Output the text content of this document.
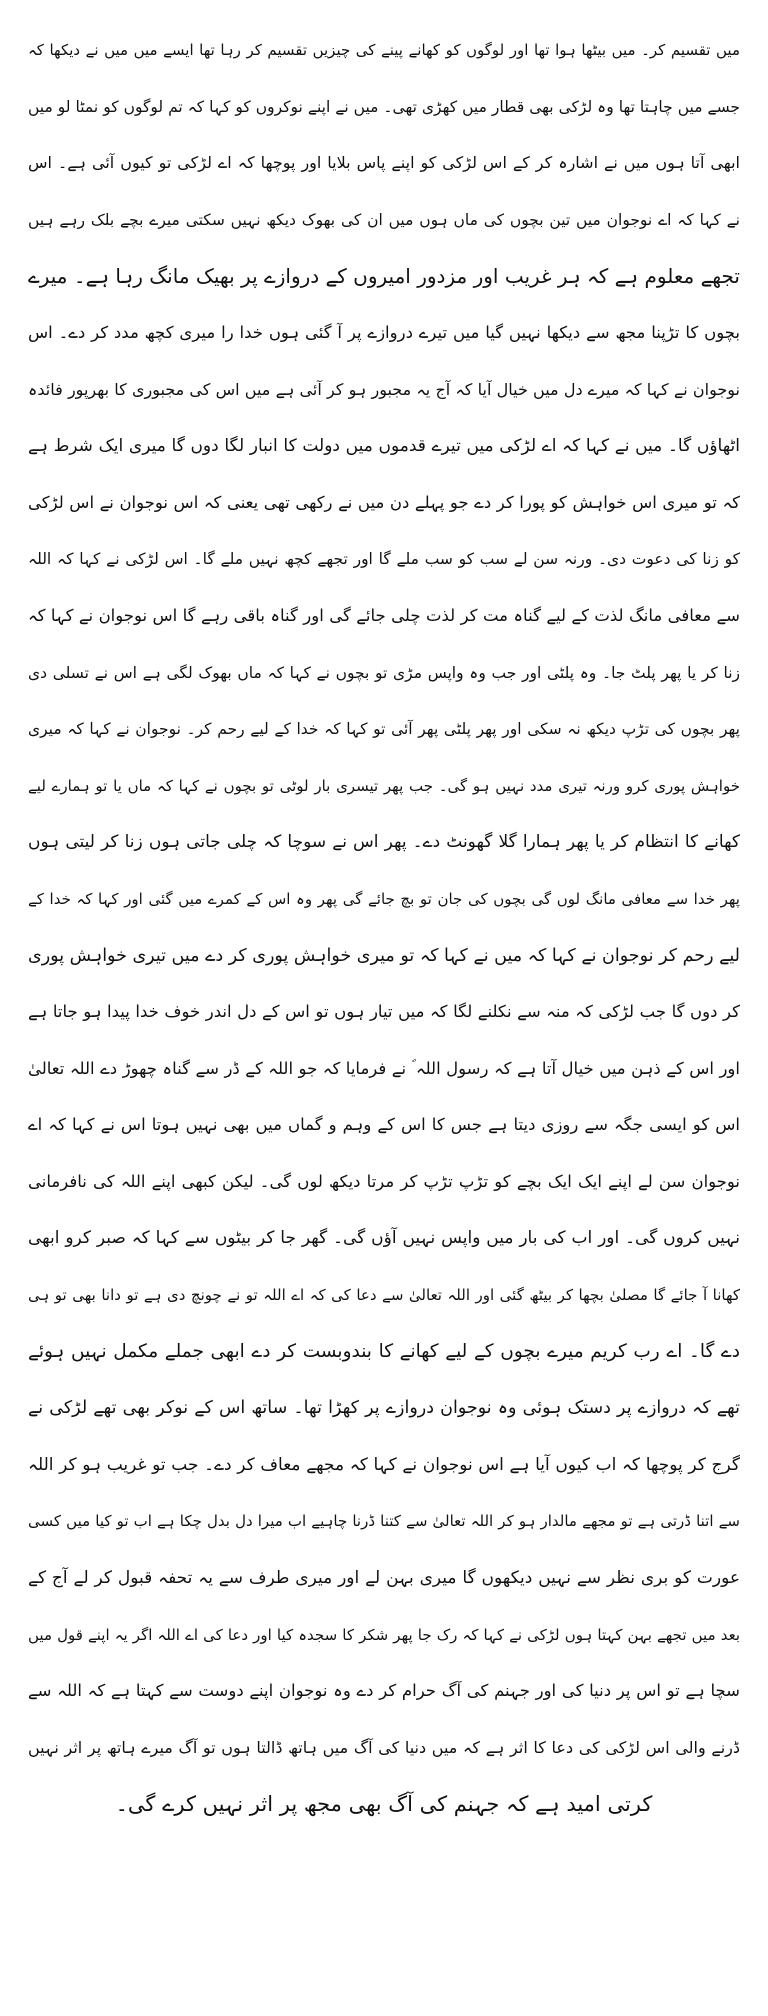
میں تقسیم کر۔ میں بیٹھا ہوا تھا اور لوگوں کو کھانے پینے کی چیزیں تقسیم کر رہا تھا ایسے میں میں نے دیکھا کہ
جسے میں چاہتا تھا وہ لڑکی بھی قطار میں کھڑی تھی۔ میں نے اپنے نوکروں کو کہا کہ تم لوگوں کو نمٹا لو میں
ابھی آتا ہوں میں نے اشارہ کر کے اس لڑکی کو اپنے پاس بلایا اور پوچھا کہ اے لڑکی تو کیوں آئی ہے۔ اس
نے کہا کہ اے نوجوان میں تین بچوں کی ماں ہوں میں ان کی بھوک دیکھ نہیں سکتی میرے بچے بلک رہے ہیں
تجھے معلوم ہے کہ ہر غریب اور مزدور امیروں کے دروازے پر بھیک مانگ رہا ہے۔ میرے
بچوں کا تڑپنا مجھ سے دیکھا نہیں گیا میں تیرے دروازے پر آ گئی ہوں خدا را میری کچھ مدد کر دے۔ اس
نوجوان نے کہا کہ میرے دل میں خیال آیا کہ آج یہ مجبور ہو کر آئی ہے میں اس کی مجبوری کا بھرپور فائدہ
اٹھاؤں گا۔ میں نے کہا کہ اے لڑکی میں تیرے قدموں میں دولت کا انبار لگا دوں گا میری ایک شرط ہے
کہ تو میری اس خواہش کو پورا کر دے جو پہلے دن میں نے رکھی تھی یعنی کہ اس نوجوان نے اس لڑکی
کو زنا کی دعوت دی۔ ورنہ سن لے سب کو سب ملے گا اور تجھے کچھ نہیں ملے گا۔ اس لڑکی نے کہا کہ اللہ
سے معافی مانگ لذت کے لیے گناہ مت کر لذت چلی جائے گی اور گناہ باقی رہے گا اس نوجوان نے کہا کہ
زنا کر یا پھر پلٹ جا۔ وہ پلٹی اور جب وہ واپس مڑی تو بچوں نے کہا کہ ماں بھوک لگی ہے اس نے تسلی دی
پھر بچوں کی تڑپ دیکھ نہ سکی اور پھر پلٹی پھر آئی تو کہا کہ خدا کے لیے رحم کر۔ نوجوان نے کہا کہ میری
خواہش پوری کرو ورنہ تیری مدد نہیں ہو گی۔ جب پھر تیسری بار لوٹی تو بچوں نے کہا کہ ماں یا تو ہمارے لیے
کھانے کا انتظام کر یا پھر ہمارا گلا گھونٹ دے۔ پھر اس نے سوچا کہ چلی جاتی ہوں زنا کر لیتی ہوں
پھر خدا سے معافی مانگ لوں گی بچوں کی جان تو بچ جائے گی پھر وہ اس کے کمرے میں گئی اور کہا کہ خدا کے
لیے رحم کر نوجوان نے کہا کہ میں نے کہا کہ تو میری خواہش پوری کر دے میں تیری خواہش پوری
کر دوں گا جب لڑکی کہ منہ سے نکلنے لگا کہ میں تیار ہوں تو اس کے دل اندر خوف خدا پیدا ہو جاتا ہے
اور اس کے ذہن میں خیال آتا ہے کہ رسول اللہ ؐ نے فرمایا کہ جو اللہ کے ڈر سے گناہ چھوڑ دے اللہ تعالیٰ
اس کو ایسی جگہ سے روزی دیتا ہے جس کا اس کے وہم و گماں میں بھی نہیں ہوتا اس نے کہا کہ اے
نوجوان سن لے اپنے ایک ایک بچے کو تڑپ تڑپ کر مرتا دیکھ لوں گی۔ لیکن کبھی اپنے اللہ کی نافرمانی
نہیں کروں گی۔ اور اب کی بار میں واپس نہیں آؤں گی۔ گھر جا کر بیٹوں سے کہا کہ صبر کرو ابھی
کھانا آ جائے گا مصلیٰ بچھا کر بیٹھ گئی اور اللہ تعالیٰ سے دعا کی کہ اے اللہ تو نے چونچ دی ہے تو دانا بھی تو ہی
دے گا۔ اے رب کریم میرے بچوں کے لیے کھانے کا بندوبست کر دے ابھی جملے مکمل نہیں ہوئے
تھے کہ دروازے پر دستک ہوئی وہ نوجوان دروازے پر کھڑا تھا۔ ساتھ اس کے نوکر بھی تھے لڑکی نے
گرج کر پوچھا کہ اب کیوں آیا ہے اس نوجوان نے کہا کہ مجھے معاف کر دے۔ جب تو غریب ہو کر اللہ
سے اتنا ڈرتی ہے تو مجھے مالدار ہو کر اللہ تعالیٰ سے کتنا ڈرنا چاہیے اب میرا دل بدل چکا ہے اب تو کیا میں کسی
عورت کو بری نظر سے نہیں دیکھوں گا میری بہن لے اور میری طرف سے یہ تحفہ قبول کر لے آج کے
بعد میں تجھے بہن کہتا ہوں لڑکی نے کہا کہ رک جا پھر شکر کا سجدہ کیا اور دعا کی اے اللہ اگر یہ اپنے قول میں
سچا ہے تو اس پر دنیا کی اور جہنم کی آگ حرام کر دے وہ نوجوان اپنے دوست سے کہتا ہے کہ اللہ سے
ڈرنے والی اس لڑکی کی دعا کا اثر ہے کہ میں دنیا کی آگ میں ہاتھ ڈالتا ہوں تو آگ میرے ہاتھ پر اثر نہیں
کرتی امید ہے کہ جہنم کی آگ بھی مجھ پر اثر نہیں کرے گی۔
